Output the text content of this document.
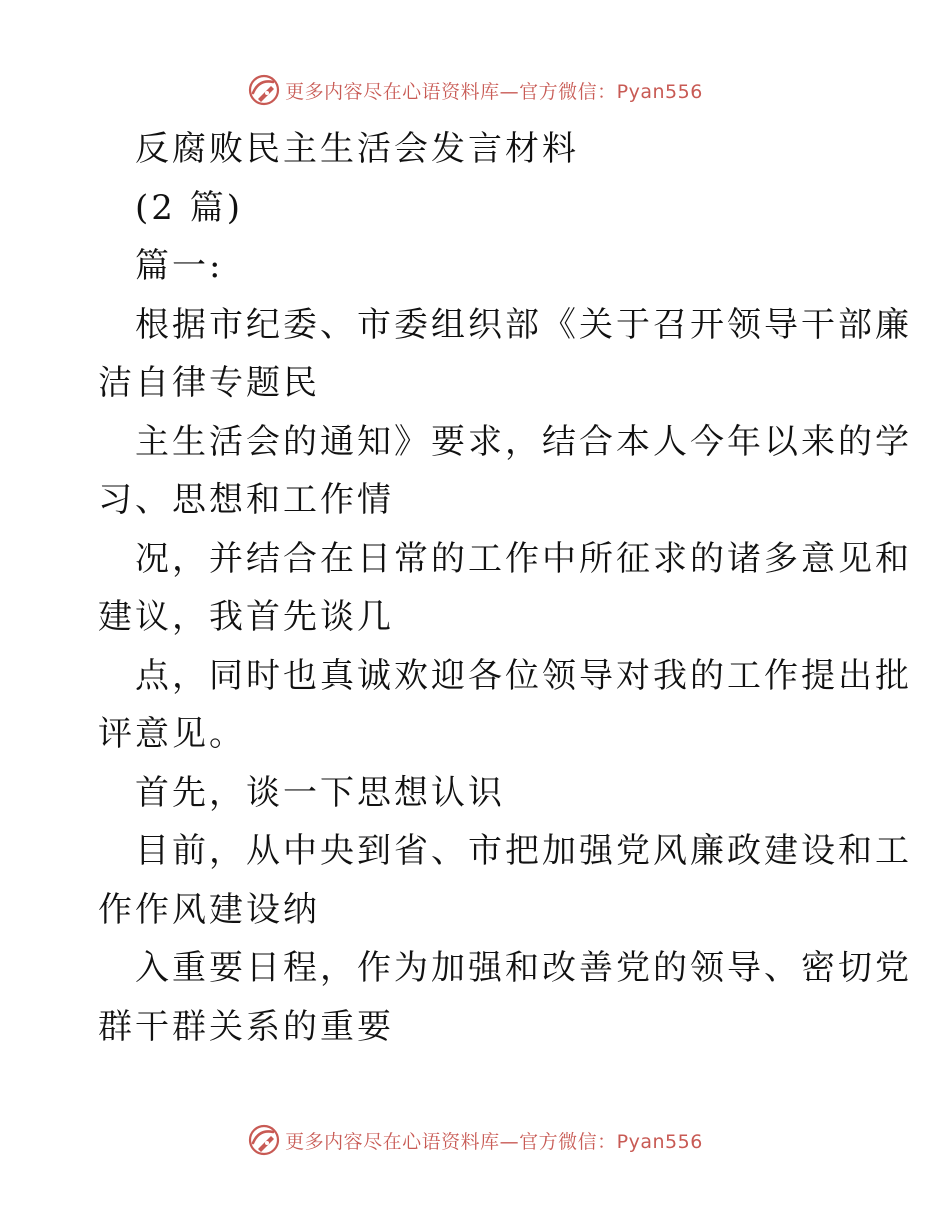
更多内容尽在心语资料库—官方微信：Pyan556
反腐败民主生活会发言材料
(2 篇)
篇一:
根据市纪委、市委组织部《关于召开领导干部廉
洁自律专题民
主生活会的通知》要求，结合本人今年以来的学
习、思想和工作情
况，并结合在日常的工作中所征求的诸多意见和
建议，我首先谈几
点，同时也真诚欢迎各位领导对我的工作提出批
评意见。
首先，谈一下思想认识
目前，从中央到省、市把加强党风廉政建设和工
作作风建设纳
入重要日程，作为加强和改善党的领导、密切党
群干群关系的重要
更多内容尽在心语资料库—官方微信：Pyan556
